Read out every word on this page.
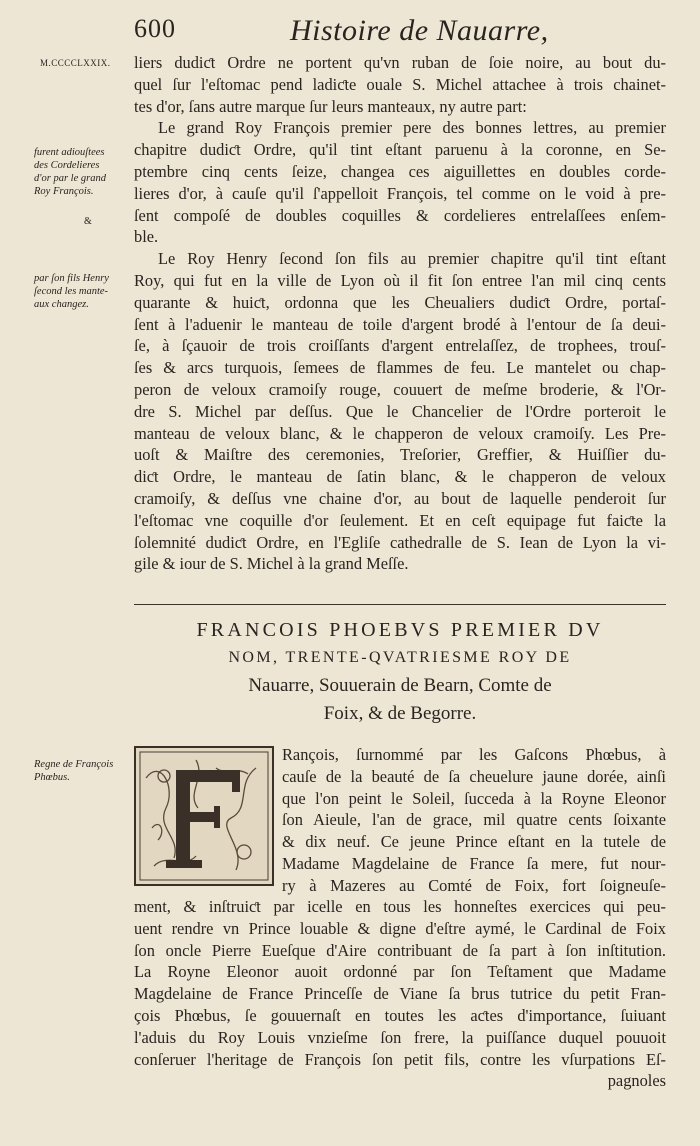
600	Histoire de Nauarre,
M.CCCCLXXIX.
furent adiouſtees
des Cordelieres
d'or par le grand
Roy François.
&
par ſon fils Henry
ſecond les mante-
aux changez.
Regne de François
Phœbus.
liers dudiƈt Ordre ne portent qu'vn ruban de ſoie noire, au bout du-
quel ſur l'eſtomac pend ladiƈte ouale S. Michel attachee à trois chainet-
tes d'or, ſans autre marque ſur leurs manteaux, ny autre part:
Le grand Roy François premier pere des bonnes lettres, au premier
chapitre dudiƈt Ordre, qu'il tint eſtant paruenu à la coronne, en Se-
ptembre cinq cents ſeize, changea ces aiguillettes en doubles corde-
lieres d'or, à cauſe qu'il ſ'appelloit François, tel comme on le void à pre-
ſent compoſé de doubles coquilles & cordelieres entrelaſſees enſem-
ble.
Le Roy Henry ſecond ſon fils au premier chapitre qu'il tint eſtant
Roy, qui fut en la ville de Lyon où il fit ſon entree l'an mil cinq cents
quarante & huiƈt, ordonna que les Cheualiers dudiƈt Ordre, portaſ-
ſent à l'aduenir le manteau de toile d'argent brodé à l'entour de ſa deui-
ſe, à ſçauoir de trois croiſſants d'argent entrelaſſez, de trophees, trouſ-
ſes & arcs turquois, ſemees de flammes de feu. Le mantelet ou chap-
peron de veloux cramoiſy rouge, couuert de meſme broderie, & l'Or-
dre S. Michel par deſſus. Que le Chancelier de l'Ordre porteroit le
manteau de veloux blanc, & le chapperon de veloux cramoiſy. Les Pre-
uoſt & Maiſtre des ceremonies, Treſorier, Greffier, & Huiſſier du-
diƈt Ordre, le manteau de ſatin blanc, & le chapperon de veloux
cramoiſy, & deſſus vne chaine d'or, au bout de laquelle penderoit ſur
l'eſtomac vne coquille d'or ſeulement. Et en ceſt equipage fut faiƈte la
ſolemnité dudiƈt Ordre, en l'Egliſe cathedralle de S. Iean de Lyon la vi-
gile & iour de S. Michel à la grand Meſſe.
FRANCOIS PHOEBVS PREMIER DV
NOM, TRENTE-QVATRIESME ROY DE
Nauarre, Souuerain de Bearn, Comte de
Foix, & de Begorre.
Rançois, ſurnommé par les Gaſcons Phœbus, à
cauſe de la beauté de ſa cheuelure jaune dorée, ainſi
que l'on peint le Soleil, ſucceda à la Royne Eleonor
ſon Aieule, l'an de grace, mil quatre cents ſoixante
& dix neuf. Ce jeune Prince eſtant en la tutele de
Madame Magdelaine de France ſa mere, fut nour-
ry à Mazeres au Comté de Foix, fort ſoigneuſe-
ment, & inſtruiƈt par icelle en tous les honneſtes exercices qui peu-
uent rendre vn Prince louable & digne d'eſtre aymé, le Cardinal de Foix
ſon oncle Pierre Eueſque d'Aire contribuant de ſa part à ſon inſtitution.
La Royne Eleonor auoit ordonné par ſon Teſtament que Madame
Magdelaine de France Princeſſe de Viane ſa brus tutrice du petit Fran-
çois Phœbus, ſe gouuernaſt en toutes les aƈtes d'importance, ſuiuant
l'aduis du Roy Louis vnzieſme ſon frere, la puiſſance duquel pouuoit
conſeruer l'heritage de François ſon petit fils, contre les vſurpations Eſ-
pagnoles
